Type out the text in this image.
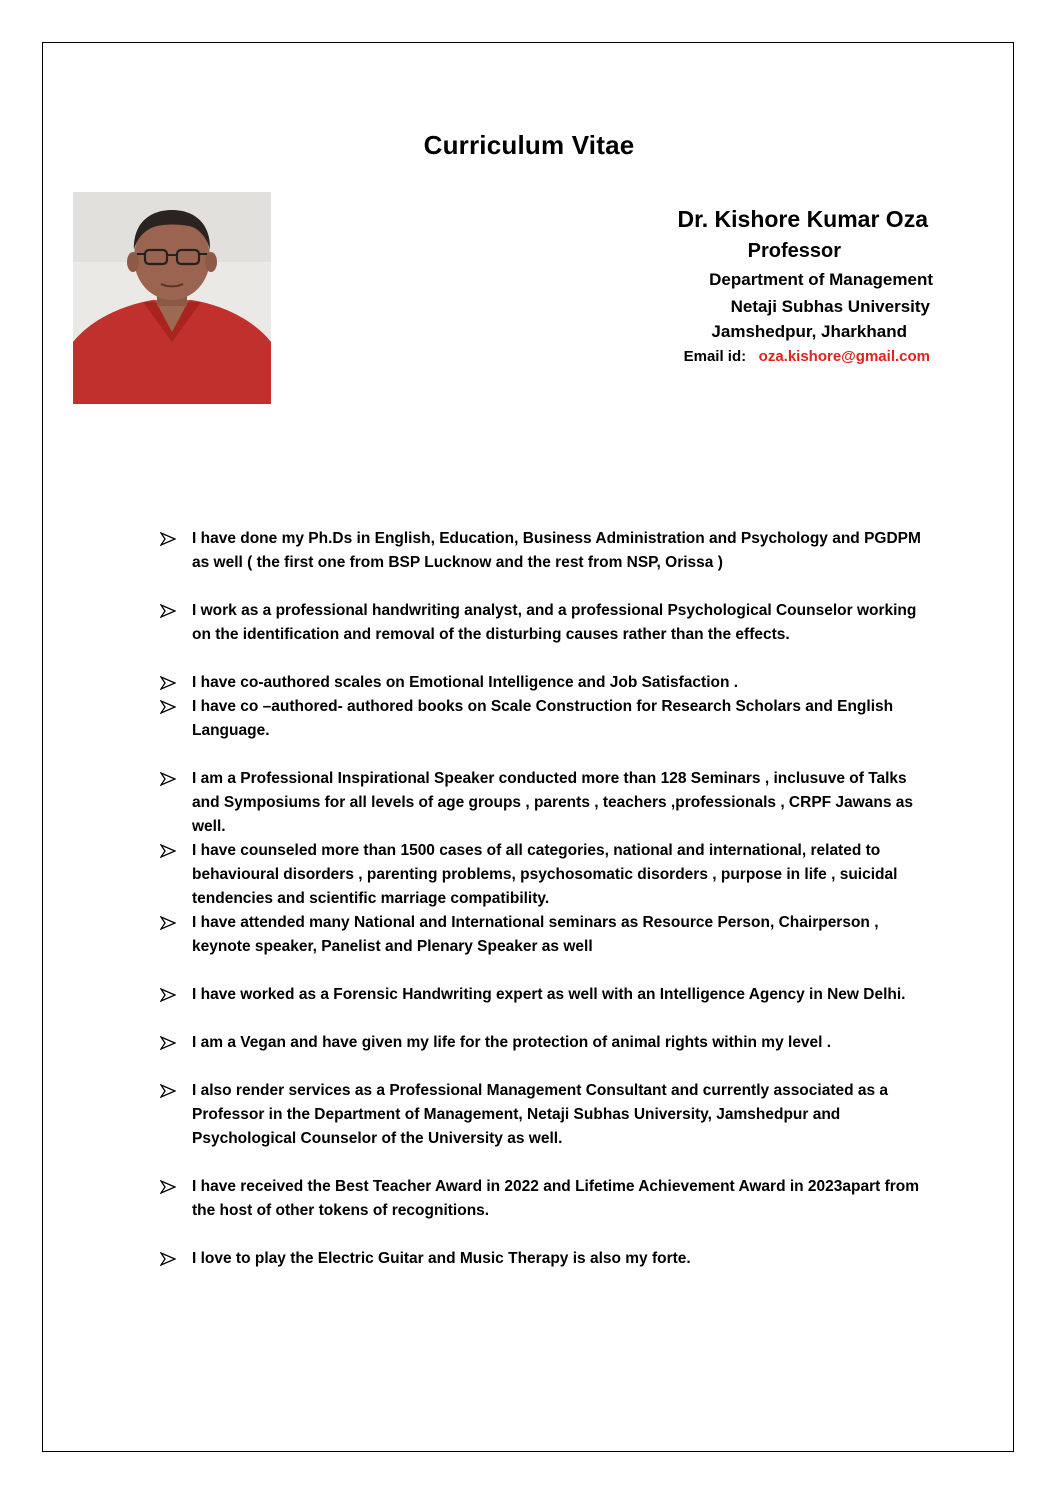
Curriculum Vitae
Dr. Kishore Kumar Oza
Professor
Department of Management
Netaji Subhas University
Jamshedpur, Jharkhand
Email id: oza.kishore@gmail.com
I have done my Ph.Ds in English, Education, Business Administration and Psychology and PGDPM as well ( the first one from BSP Lucknow and the rest from NSP, Orissa )
I work as a professional handwriting analyst, and a professional Psychological Counselor working on the identification and removal of the disturbing causes rather than the effects.
I have co-authored scales on Emotional Intelligence and Job Satisfaction .
I have co –authored- authored books on Scale Construction for Research Scholars and English Language.
I am a Professional Inspirational Speaker conducted more than 128 Seminars , inclusuve of Talks and Symposiums for all levels of age groups , parents , teachers ,professionals , CRPF Jawans as well.
I have counseled more than 1500 cases of all categories, national and international, related to behavioural disorders , parenting problems, psychosomatic disorders , purpose in life , suicidal tendencies and scientific marriage compatibility.
I have attended many National and International seminars as Resource Person, Chairperson , keynote speaker, Panelist and Plenary Speaker as well
I have worked as a Forensic Handwriting expert as well with an Intelligence Agency in New Delhi.
I am a Vegan and have given my life for the protection of animal rights within my level .
I also render services as a Professional Management Consultant and currently associated as a Professor in the Department of Management, Netaji Subhas University, Jamshedpur and Psychological Counselor of the University as well.
I have received the Best Teacher Award in 2022 and Lifetime Achievement Award in 2023apart from the host of other tokens of recognitions.
I love to play the Electric Guitar and Music Therapy is also my forte.
